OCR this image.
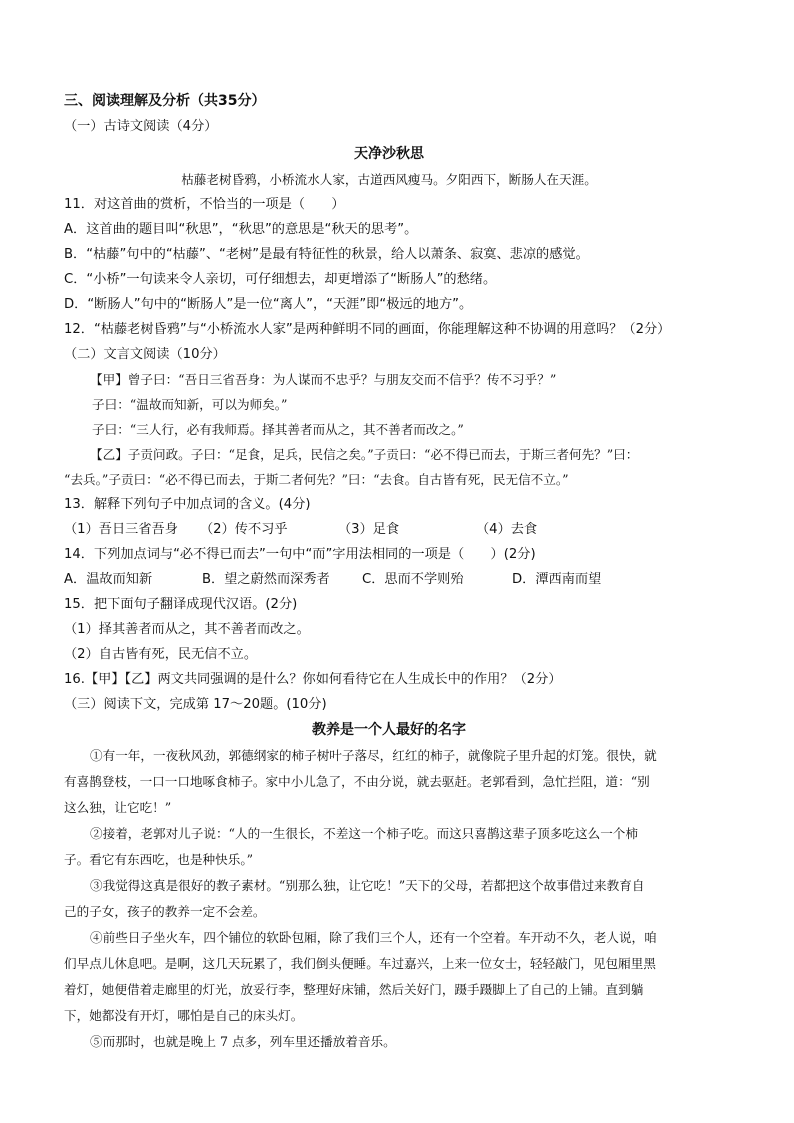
三、阅读理解及分析（共35分）
（一）古诗文阅读（4分）
天净沙秋思
枯藤老树昏鸦，小桥流水人家，古道西风瘦马。夕阳西下，断肠人在天涯。
11．对这首曲的赏析，不恰当的一项是（　　）
A．这首曲的题目叫“秋思”，“秋思”的意思是“秋天的思考”。
B．“枯藤”句中的“枯藤”、“老树”是最有特征性的秋景，给人以萧条、寂寞、悲凉的感觉。
C．“小桥”一句读来令人亲切，可仔细想去，却更增添了“断肠人”的愁绪。
D．“断肠人”句中的“断肠人”是一位“离人”，“天涯”即“极远的地方”。
12．“枯藤老树昏鸦”与“小桥流水人家”是两种鲜明不同的画面，你能理解这种不协调的用意吗？（2分）
（二）文言文阅读（10分）
【甲】曾子曰：“吾日三省吾身：为人谋而不忠乎？与朋友交而不信乎？传不习乎？”
子曰：“温故而知新，可以为师矣。”
子曰：“三人行，必有我师焉。择其善者而从之，其不善者而改之。”
【乙】子贡问政。子曰：“足食，足兵，民信之矣。”子贡曰：“必不得已而去，于斯三者何先？”曰：
“去兵。”子贡曰：“必不得已而去，于斯二者何先？”曰：“去食。自古皆有死，民无信不立。”
13．解释下列句子中加点词的含义。(4分)
（1）吾日三省吾身	（2）传不习乎	（3）足食	（4）去食
14．下列加点词与“必不得已而去”一句中“而”字用法相同的一项是（　　）(2分)
A．温故而知新	B．望之蔚然而深秀者	C．思而不学则殆	D．潭西南而望
15．把下面句子翻译成现代汉语。(2分)
（1）择其善者而从之，其不善者而改之。
（2）自古皆有死，民无信不立。
16.【甲】【乙】两文共同强调的是什么？你如何看待它在人生成长中的作用？（2分）
（三）阅读下文，完成第 17～20题。(10分)
教养是一个人最好的名字
①有一年，一夜秋风劲，郭德纲家的柿子树叶子落尽，红红的柿子，就像院子里升起的灯笼。很快，就
有喜鹊登枝，一口一口地啄食柿子。家中小儿急了，不由分说，就去驱赶。老郭看到，急忙拦阻，道：“别
这么独，让它吃！”
②接着，老郭对儿子说：“人的一生很长，不差这一个柿子吃。而这只喜鹊这辈子顶多吃这么一个柿
子。看它有东西吃，也是种快乐。”
③我觉得这真是很好的教子素材。“别那么独，让它吃！”天下的父母，若都把这个故事借过来教育自
己的子女，孩子的教养一定不会差。
④前些日子坐火车，四个铺位的软卧包厢，除了我们三个人，还有一个空着。车开动不久，老人说，咱
们早点儿休息吧。是啊，这几天玩累了，我们倒头便睡。车过嘉兴，上来一位女士，轻轻敲门，见包厢里黑
着灯，她便借着走廊里的灯光，放妥行李，整理好床铺，然后关好门，蹑手蹑脚上了自己的上铺。直到躺
下，她都没有开灯，哪怕是自己的床头灯。
⑤而那时，也就是晚上 7 点多，列车里还播放着音乐。
